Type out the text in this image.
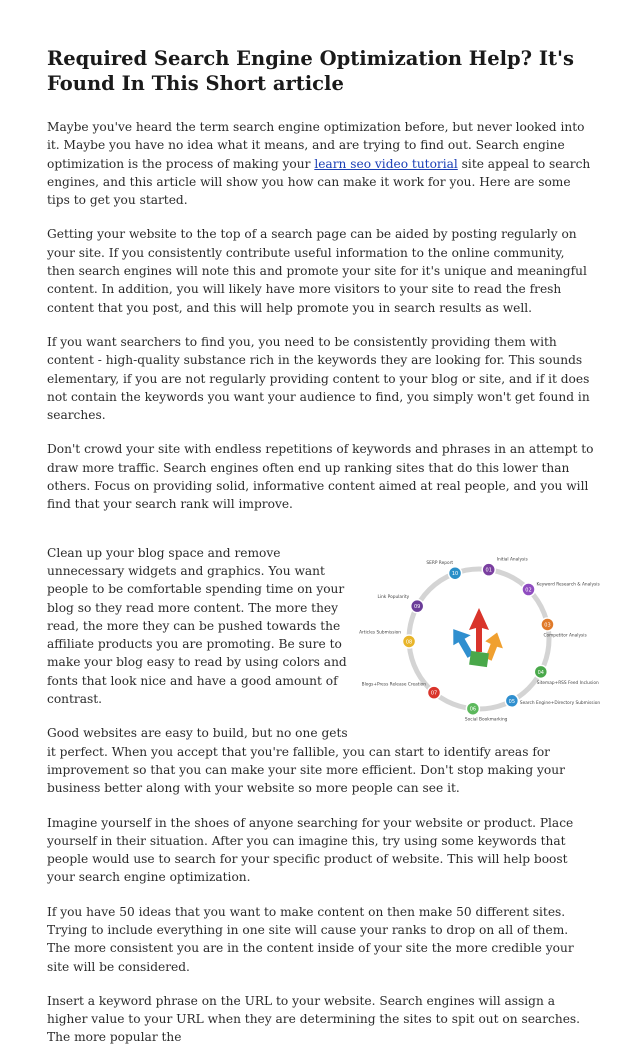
Required Search Engine Optimization Help? It's Found In This Short article

Maybe you've heard the term search engine optimization before, but never looked into it. Maybe you have no idea what it means, and are trying to find out. Search engine optimization is the process of making your learn seo video tutorial site appeal to search engines, and this article will show you how can make it work for you. Here are some tips to get you started.

Getting your website to the top of a search page can be aided by posting regularly on your site. If you consistently contribute useful information to the online community, then search engines will note this and promote your site for it's unique and meaningful content. In addition, you will likely have more visitors to your site to read the fresh content that you post, and this will help promote you in search results as well.

If you want searchers to find you, you need to be consistently providing them with content - high-quality substance rich in the keywords they are looking for. This sounds elementary, if you are not regularly providing content to your blog or site, and if it does not contain the keywords you want your audience to find, you simply won't get found in searches.

Don't crowd your site with endless repetitions of keywords and phrases in an attempt to draw more traffic. Search engines often end up ranking sites that do this lower than others. Focus on providing solid, informative content aimed at real people, and you will find that your search rank will improve.

01
Initial Analysis
02
Keyword Research & Analysis
03
Competitor Analysis
04
Sitemap+RSS Feed Inclusion
05 Search Engine+Directory Submission
06
Social Bookmarking
07
Blogs+Press Release Creation
08
Articles Submission
09
Link Popularity
10
SERP Report

Clean up your blog space and remove unnecessary widgets and graphics. You want people to be comfortable spending time on your blog so they read more content. The more they read, the more they can be pushed towards the affiliate products you are promoting. Be sure to make your blog easy to read by using colors and fonts that look nice and have a good amount of contrast.

Good websites are easy to build, but no one gets it perfect. When you accept that you're fallible, you can start to identify areas for improvement so that you can make your site more efficient. Don't stop making your business better along with your website so more people can see it.

Imagine yourself in the shoes of anyone searching for your website or product. Place yourself in their situation. After you can imagine this, try using some keywords that people would use to search for your specific product of website. This will help boost your search engine optimization.

If you have 50 ideas that you want to make content on then make 50 different sites. Trying to include everything in one site will cause your ranks to drop on all of them. The more consistent you are in the content inside of your site the more credible your site will be considered.

Insert a keyword phrase on the URL to your website. Search engines will assign a higher value to your URL when they are determining the sites to spit out on searches. The more popular the
